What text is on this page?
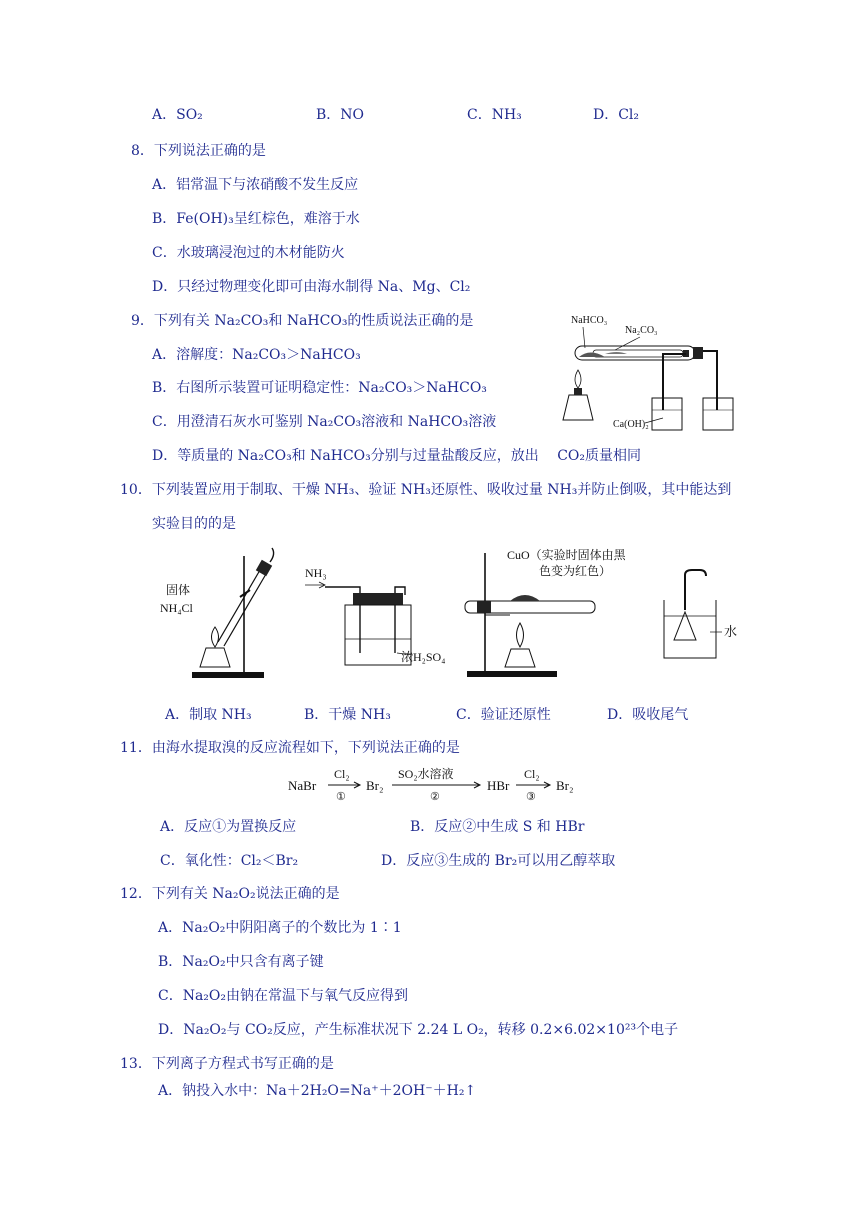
A．SO₂	B．NO	C．NH₃	D．Cl₂
8．下列说法正确的是
A．铝常温下与浓硝酸不发生反应
B．Fe(OH)₃呈红棕色，难溶于水
C．水玻璃浸泡过的木材能防火
D．只经过物理变化即可由海水制得 Na、Mg、Cl₂
9．下列有关 Na₂CO₃和 NaHCO₃的性质说法正确的是
A．溶解度：Na₂CO₃＞NaHCO₃
B．右图所示装置可证明稳定性：Na₂CO₃＞NaHCO₃
C．用澄清石灰水可鉴别 Na₂CO₃溶液和 NaHCO₃溶液
D．等质量的 Na₂CO₃和 NaHCO₃分别与过量盐酸反应，放出　 CO₂质量相同
NaHCO₃
Na₂CO₃
Ca(OH)₂
10．下列装置应用于制取、干燥 NH₃、验证 NH₃还原性、吸收过量 NH₃并防止倒吸，其中能达到
实验目的的是
固体
NH₄Cl
NH₃
浓H₂SO₄
CuO（实验时固体由黑
色变为红色）
水
A．制取 NH₃	B．干燥 NH₃	C．验证还原性	D．吸收尾气
11．由海水提取溴的反应流程如下，下列说法正确的是
NaBr
Cl₂
①
Br₂
SO₂水溶液
②
HBr
Cl₂
③
Br₂
A．反应①为置换反应	B．反应②中生成 S 和 HBr
C．氧化性：Cl₂＜Br₂	D．反应③生成的 Br₂可以用乙醇萃取
12．下列有关 Na₂O₂说法正确的是
A．Na₂O₂中阴阳离子的个数比为 1∶1
B．Na₂O₂中只含有离子键
C．Na₂O₂由钠在常温下与氧气反应得到
D．Na₂O₂与 CO₂反应，产生标准状况下 2.24 L O₂，转移 0.2×6.02×10²³个电子
13．下列离子方程式书写正确的是
A．钠投入水中：Na＋2H₂O=Na⁺＋2OH⁻＋H₂↑
